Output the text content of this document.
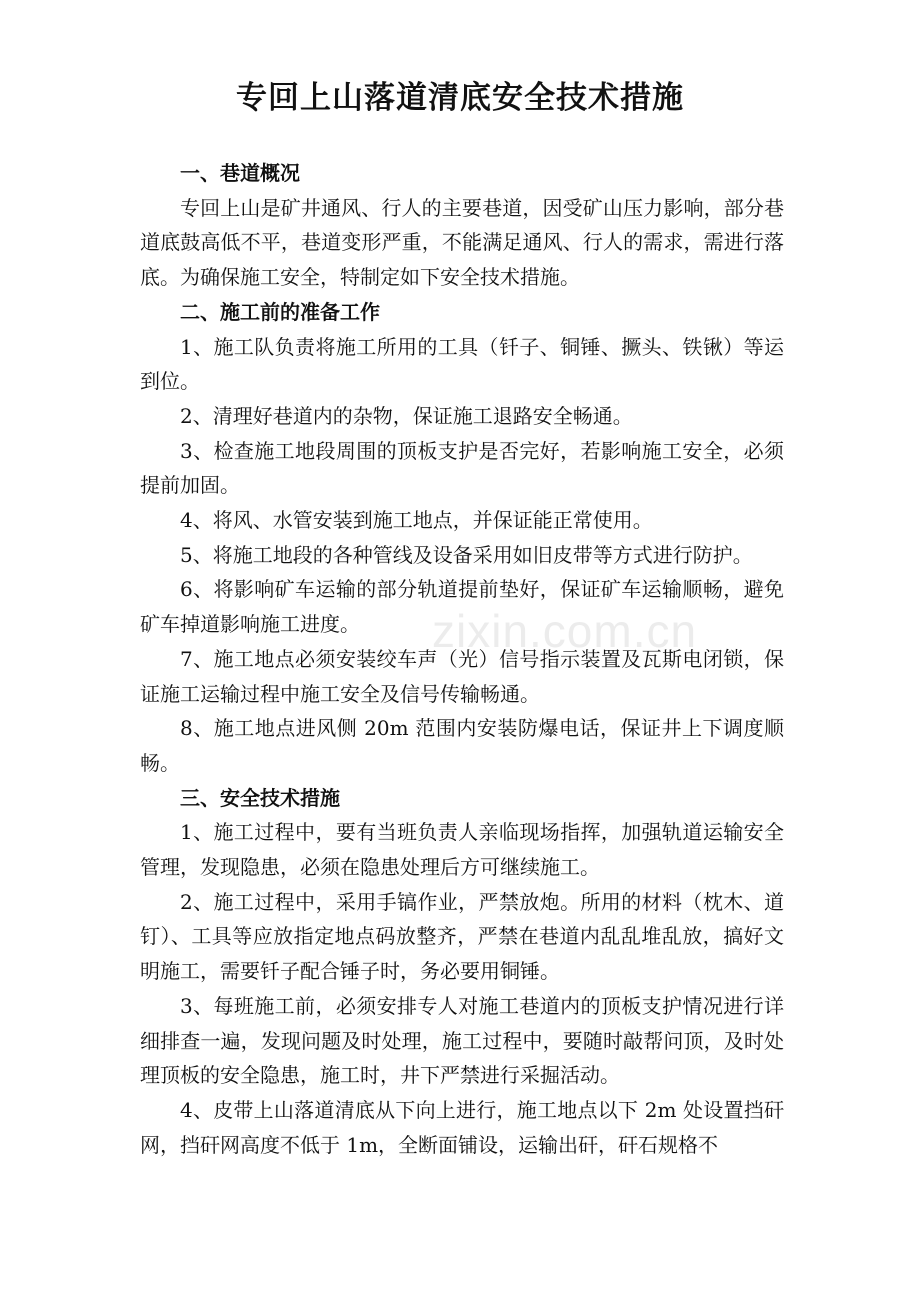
专回上山落道清底安全技术措施
zixin.com.cn
一、巷道概况

专回上山是矿井通风、行人的主要巷道，因受矿山压力影响，部分巷道底鼓高低不平，巷道变形严重，不能满足通风、行人的需求，需进行落底。为确保施工安全，特制定如下安全技术措施。

二、施工前的准备工作

1、施工队负责将施工所用的工具（钎子、铜锤、撅头、铁锹）等运到位。

2、清理好巷道内的杂物，保证施工退路安全畅通。

3、检查施工地段周围的顶板支护是否完好，若影响施工安全，必须提前加固。

4、将风、水管安装到施工地点，并保证能正常使用。

5、将施工地段的各种管线及设备采用如旧皮带等方式进行防护。

6、将影响矿车运输的部分轨道提前垫好，保证矿车运输顺畅，避免矿车掉道影响施工进度。

7、施工地点必须安装绞车声（光）信号指示装置及瓦斯电闭锁，保证施工运输过程中施工安全及信号传输畅通。

8、施工地点进风侧 20m 范围内安装防爆电话，保证井上下调度顺畅。

三、安全技术措施

1、施工过程中，要有当班负责人亲临现场指挥，加强轨道运输安全管理，发现隐患，必须在隐患处理后方可继续施工。

2、施工过程中，采用手镐作业，严禁放炮。所用的材料（枕木、道钉）、工具等应放指定地点码放整齐，严禁在巷道内乱乱堆乱放，搞好文明施工，需要钎子配合锤子时，务必要用铜锤。

3、每班施工前，必须安排专人对施工巷道内的顶板支护情况进行详细排查一遍，发现问题及时处理，施工过程中，要随时敲帮问顶，及时处理顶板的安全隐患，施工时，井下严禁进行采掘活动。

4、皮带上山落道清底从下向上进行，施工地点以下 2m 处设置挡矸网，挡矸网高度不低于 1m，全断面铺设，运输出矸，矸石规格不
